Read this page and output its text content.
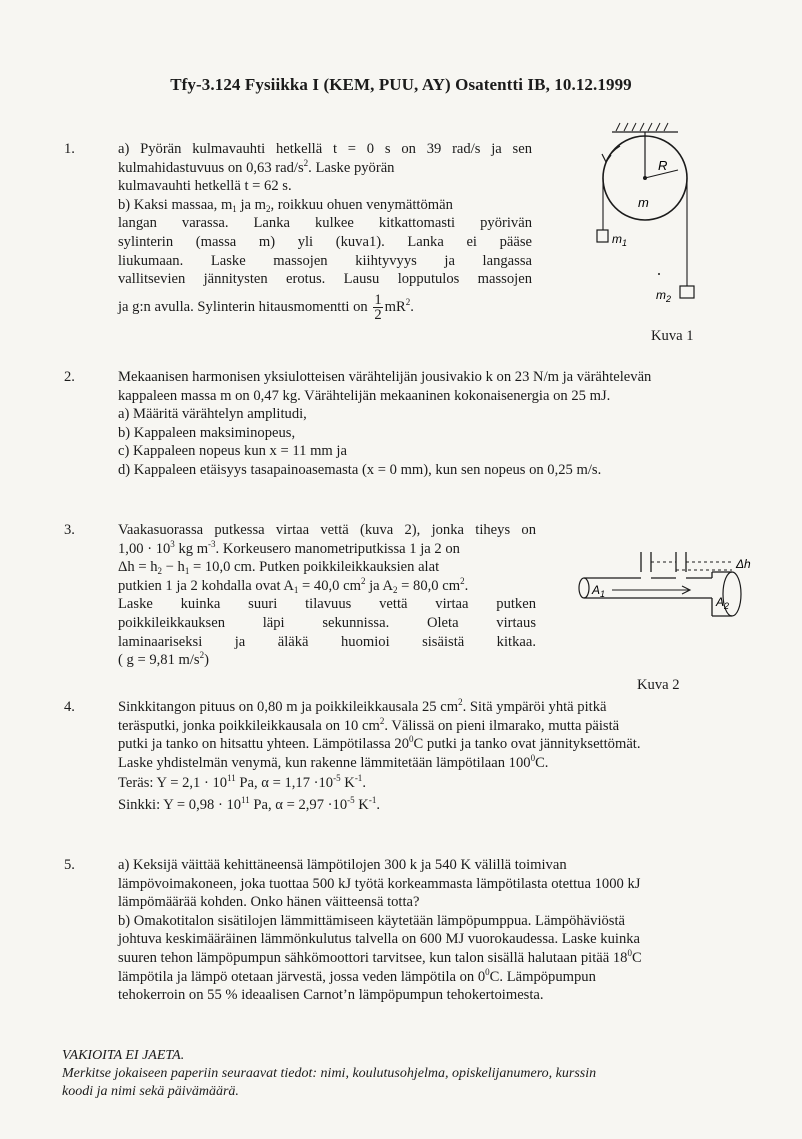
Tfy-3.124 Fysiikka I (KEM, PUU, AY) Osatentti IB, 10.12.1999
1.	a) Pyörän kulmavauhti hetkellä t = 0 s on 39 rad/s ja sen
kulmahidastuvuus on 0,63 rad/$s^2$. Laske pyörän
kulmavauhti hetkellä t = 62 s.
b) Kaksi massaa, $m_1$ ja $m_2$, roikkuu ohuen venymättömän
langan varassa. Lanka kulkee kitkattomasti pyörivän
sylinterin (massa m) yli (kuva1). Lanka ei pääse
liukumaan. Laske massojen kiihtyvyys ja langassa
vallitsevien jännitysten erotus. Lausu lopputulos massojen
ja g:n avulla. Sylinterin hitausmomentti on $\frac{1}{2} mR^2$.
R
m
$m_1$
$m_2$
Kuva 1
2.	Mekaanisen harmonisen yksiulotteisen värähtelijän jousivakio k on 23 N/m ja värähtelevän
kappaleen massa m on 0,47 kg. Värähtelijän mekaaninen kokonaisenergia on 25 mJ.
a) Määritä värähtelyn amplitudi,
b) Kappaleen maksiminopeus,
c) Kappaleen nopeus kun x = 11 mm ja
d) Kappaleen etäisyys tasapainoasemasta (x = 0 mm), kun sen nopeus on 0,25 m/s.
3.	Vaakasuorassa putkessa virtaa vettä (kuva 2), jonka tiheys on
$1,00 \cdot 10^3$ kg $m^{-3}$. Korkeusero manometriputkissa 1 ja 2 on
$\Delta h = h_2 - h_1 = 10,0$ cm. Putken poikkileikkauksien alat
putkien 1 ja 2 kohdalla ovat $A_1 = 40,0$ $cm^2$ ja $A_2 = 80,0$ $cm^2$.
Laske kuinka suuri tilavuus vettä virtaa putken
poikkileikkauksen läpi sekunnissa. Oleta virtaus
laminaariseksi ja äläkä huomioi sisäistä kitkaa.
( g = 9,81 $m/s^2$)
Δh
$A_1$
$A_2$
Kuva 2
4.	Sinkkitangon pituus on 0,80 m ja poikkileikkausala 25 $cm^2$. Sitä ympäröi yhtä pitkä
teräsputki, jonka poikkileikkausala on 10 $cm^2$. Välissä on pieni ilmarako, mutta päistä
putki ja tanko on hitsattu yhteen. Lämpötilassa $20^0C$ putki ja tanko ovat jännityksettömät.
Laske yhdistelmän venymä, kun rakenne lämmitetään lämpötilaan $100^0C$.
Teräs: $Y = 2,1 \cdot 10^{11}$ Pa, $\alpha = 1,17 \cdot 10^{-5}$ $K^{-1}$.
Sinkki: $Y = 0,98 \cdot 10^{11}$ Pa, $\alpha = 2,97 \cdot 10^{-5}$ $K^{-1}$.
5.	a) Keksijä väittää kehittäneensä lämpötilojen 300 k ja 540 K välillä toimivan
lämpövoimakoneen, joka tuottaa 500 kJ työtä korkeammasta lämpötilasta otettua 1000 kJ
lämpömäärää kohden. Onko hänen väitteensä totta?
b) Omakotitalon sisätilojen lämmittämiseen käytetään lämpöpumppua. Lämpöhäviöstä
johtuva keskimääräinen lämmönkulutus talvella on 600 MJ vuorokaudessa. Laske kuinka
suuren tehon lämpöpumpun sähkömoottori tarvitsee, kun talon sisällä halutaan pitää $18^0C$
lämpötila ja lämpö otetaan järvestä, jossa veden lämpötila on $0^0C$. Lämpöpumpun
tehokerroin on 55 % ideaalisen Carnot’n lämpöpumpun tehokertoimesta.
VAKIOITA EI JAETA.
Merkitse jokaiseen paperiin seuraavat tiedot: nimi, koulutusohjelma, opiskelijanumero, kurssin
koodi ja nimi sekä päivämäärä.
